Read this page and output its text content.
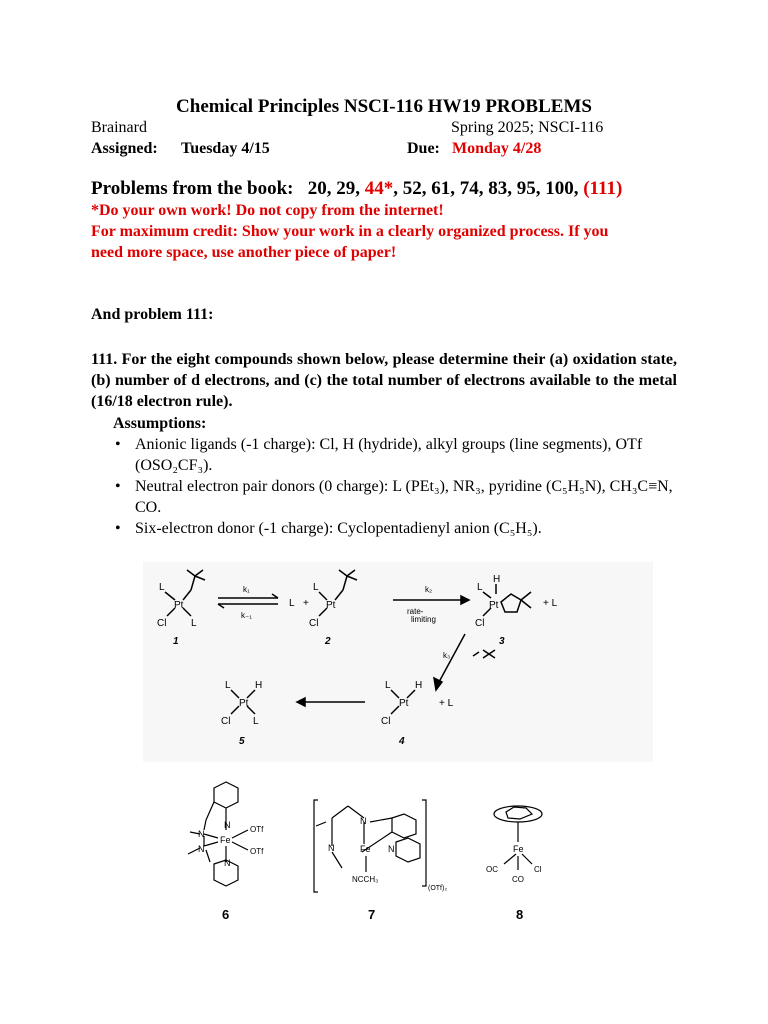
Chemical Principles NSCI-116 HW19 PROBLEMS
Brainard	Spring 2025; NSCI-116
Assigned: Tuesday 4/15	Due: Monday 4/28
Problems from the book: 20, 29, 44*, 52, 61, 74, 83, 95, 100, (111)
*Do your own work! Do not copy from the internet!
For maximum credit: Show your work in a clearly organized process. If you
need more space, use another piece of paper!
And problem 111:
111. For the eight compounds shown below, please determine their (a) oxidation state, (b) number of d electrons, and (c) the total number of electrons available to the metal (16/18 electron rule).
Assumptions:
• Anionic ligands (-1 charge): Cl, H (hydride), alkyl groups (line segments), OTf (OSO₂CF₃).
• Neutral electron pair donors (0 charge): L (PEt₃), NR₃, pyridine (C₅H₅N), CH₃C≡N, CO.
• Six-electron donor (-1 charge): Cyclopentadienyl anion (C₅H₅).
L
Pt
Cl L
1
k₁
k₋₁
L +
L
Pt
Cl
2
k₂
rate-
limiting
L
H
Pt
Cl
+ L
3
k₃
L H
Pt
Cl
+ L
4
L H
Pt
Cl L
5
N
N
Fe
OTf
OTf
N
N
N
N	Fe N
NCCH₃
(OTf)₂
Fe
OC	Cl
CO
6	7	8
